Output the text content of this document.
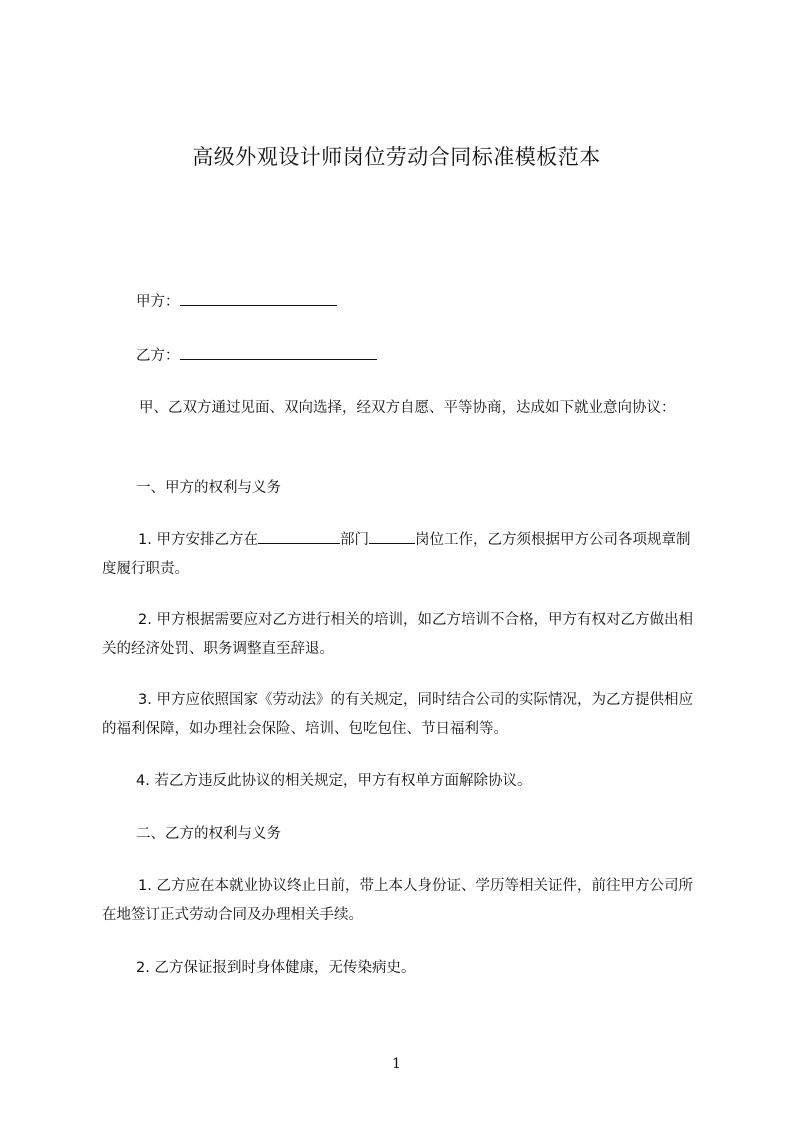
高级外观设计师岗位劳动合同标准模板范本
甲方：
乙方：
甲、乙双方通过见面、双向选择，经双方自愿、平等协商，达成如下就业意向协议：
一、甲方的权利与义务
1. 甲方安排乙方在	部门	岗位工作，乙方须根据甲方公司各项规章制度履行职责。
2. 甲方根据需要应对乙方进行相关的培训，如乙方培训不合格，甲方有权对乙方做出相关的经济处罚、职务调整直至辞退。
3. 甲方应依照国家《劳动法》的有关规定，同时结合公司的实际情况，为乙方提供相应的福利保障，如办理社会保险、培训、包吃包住、节日福利等。
4. 若乙方违反此协议的相关规定，甲方有权单方面解除协议。
二、乙方的权利与义务
1. 乙方应在本就业协议终止日前，带上本人身份证、学历等相关证件，前往甲方公司所在地签订正式劳动合同及办理相关手续。
2. 乙方保证报到时身体健康，无传染病史。
1
